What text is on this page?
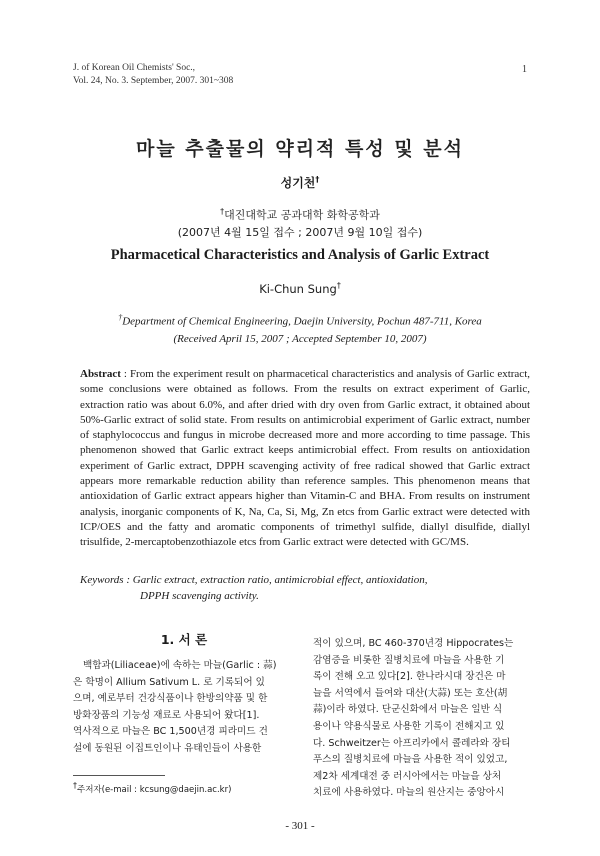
J. of Korean Oil Chemists' Soc.,
Vol. 24, No. 3. September, 2007. 301~308
1
마늘 추출물의 약리적 특성 및 분석
성기천†
†대진대학교 공과대학 화학공학과
(2007년 4월 15일 접수 ; 2007년 9월 10일 접수)
Pharmacetical Characteristics and Analysis of Garlic Extract
Ki-Chun Sung†
†Department of Chemical Engineering, Daejin University, Pochun 487-711, Korea
(Received April 15, 2007 ; Accepted September 10, 2007)
Abstract : From the experiment result on pharmacetical characteristics and analysis of Garlic extract, some conclusions were obtained as follows. From the results on extract experiment of Garlic, extraction ratio was about 6.0%, and after dried with dry oven from Garlic extract, it obtained about 50%-Garlic extract of solid state. From results on antimicrobial experiment of Garlic extract, number of staphylococcus and fungus in microbe decreased more and more according to time passage. This phenomenon showed that Garlic extract keeps antimicrobial effect. From results on antioxidation experiment of Garlic extract, DPPH scavenging activity of free radical showed that Garlic extract appears more remarkable reduction ability than reference samples. This phenomenon means that antioxidation of Garlic extract appears higher than Vitamin-C and BHA. From results on instrument analysis, inorganic components of K, Na, Ca, Si, Mg, Zn etcs from Garlic extract were detected with ICP/OES and the fatty and aromatic components of trimethyl sulfide, diallyl disulfide, diallyl trisulfide, 2-mercaptobenzothiazole etcs from Garlic extract were detected with GC/MS.
Keywords : Garlic extract, extraction ratio, antimicrobial effect, antioxidation,
DPPH scavenging activity.
1. 서 론
백합과(Liliaceae)에 속하는 마늘(Garlic : 蒜)
은 학명이 Allium Sativum L. 로 기록되어 있
으며, 예로부터 건강식품이나 한방의약품 및 한
방화장품의 기능성 재료로 사용되어 왔다[1].
역사적으로 마늘은 BC 1,500년경 피라미드 건
설에 동원된 이집트인이나 유태인들이 사용한
적이 있으며, BC 460-370년경 Hippocrates는
감염증을 비롯한 질병치료에 마늘을 사용한 기
록이 전해 오고 있다[2]. 한나라시대 장건은 마
늘을 서역에서 들여와 대산(大蒜) 또는 호산(胡
蒜)이라 하였다. 단군신화에서 마늘은 일반 식
용이나 약용식물로 사용한 기록이 전해지고 있
다. Schweitzer는 아프리카에서 콜레라와 장티
푸스의 질병치료에 마늘을 사용한 적이 있었고,
제2차 세계대전 중 러시아에서는 마늘을 상처
치료에 사용하였다. 마늘의 원산지는 중앙아시
†주저자(e-mail : kcsung@daejin.ac.kr)
- 301 -
